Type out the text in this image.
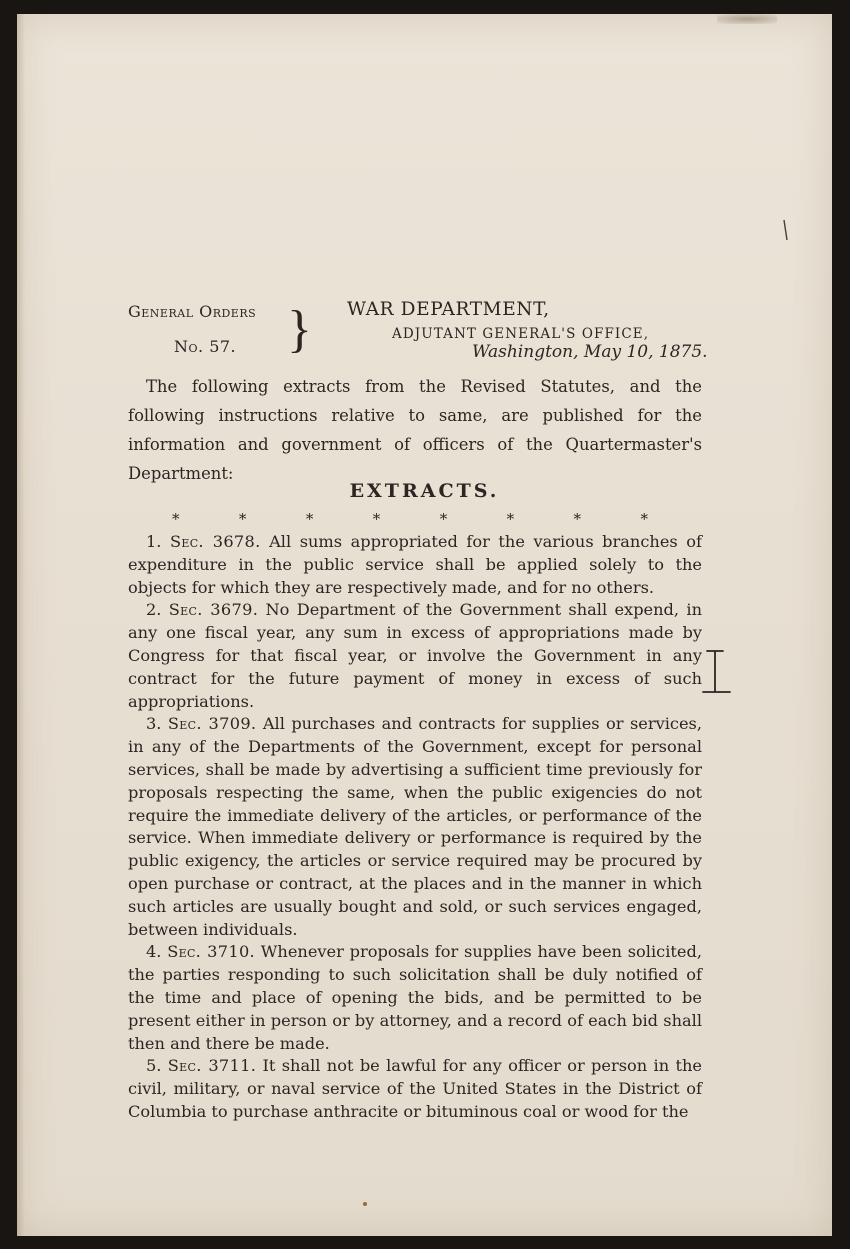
General Orders
No. 57. } WAR DEPARTMENT,
ADJUTANT GENERAL'S OFFICE,
Washington, May 10, 1875.

The following extracts from the Revised Statutes, and the following instructions relative to same, are published for the information and government of officers of the Quartermaster's Department:

EXTRACTS.
*	*	*	*	*	*	*	*

1. Sec. 3678. All sums appropriated for the various branches of expenditure in the public service shall be applied solely to the objects for which they are respectively made, and for no others.

2. Sec. 3679. No Department of the Government shall expend, in any one fiscal year, any sum in excess of appropriations made by Congress for that fiscal year, or involve the Government in any contract for the future payment of money in excess of such appropriations.

3. Sec. 3709. All purchases and contracts for supplies or services, in any of the Departments of the Government, except for personal services, shall be made by advertising a sufficient time previously for proposals respecting the same, when the public exigencies do not require the immediate delivery of the articles, or performance of the service. When immediate delivery or performance is required by the public exigency, the articles or service required may be procured by open purchase or contract, at the places and in the manner in which such articles are usually bought and sold, or such services engaged, between individuals.

4. Sec. 3710. Whenever proposals for supplies have been solicited, the parties responding to such solicitation shall be duly notified of the time and place of opening the bids, and be permitted to be present either in person or by attorney, and a record of each bid shall then and there be made.

5. Sec. 3711. It shall not be lawful for any officer or person in the civil, military, or naval service of the United States in the District of Columbia to purchase anthracite or bituminous coal or wood for the
